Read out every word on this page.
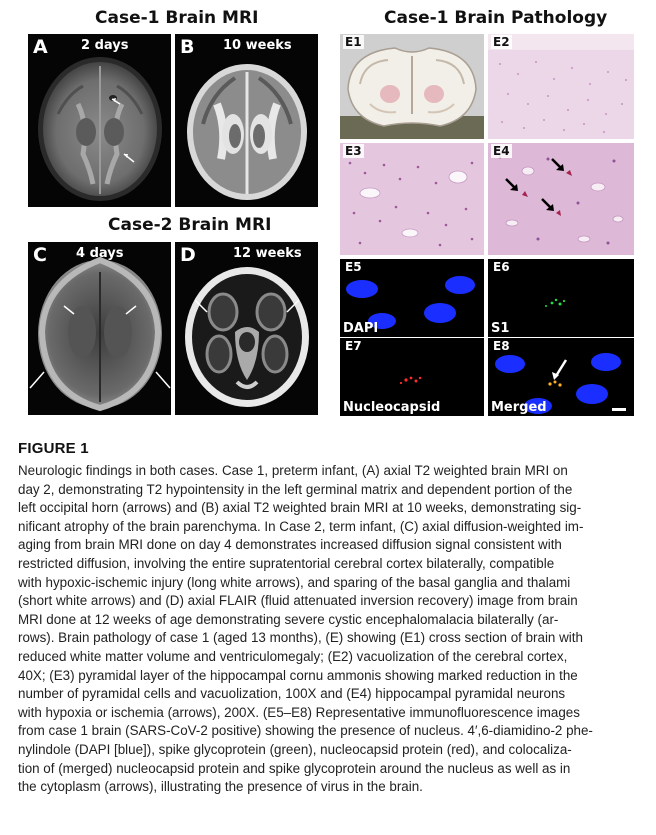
Case-1 Brain MRI	Case-1 Brain Pathology
Case-2 Brain MRI
A	2 days	B 10 weeks
C 4 days	D	12 weeks
E1	E2
E3	E4
E5
DAPI
E6
S1
E7
Nucleocapsid
E8
Merged
FIGURE 1
Neurologic findings in both cases. Case 1, preterm infant, (A) axial T2 weighted brain MRI on
day 2, demonstrating T2 hypointensity in the left germinal matrix and dependent portion of the
left occipital horn (arrows) and (B) axial T2 weighted brain MRI at 10 weeks, demonstrating sig-
nificant atrophy of the brain parenchyma. In Case 2, term infant, (C) axial diffusion-weighted im-
aging from brain MRI done on day 4 demonstrates increased diffusion signal consistent with
restricted diffusion, involving the entire supratentorial cerebral cortex bilaterally, compatible
with hypoxic-ischemic injury (long white arrows), and sparing of the basal ganglia and thalami
(short white arrows) and (D) axial FLAIR (fluid attenuated inversion recovery) image from brain
MRI done at 12 weeks of age demonstrating severe cystic encephalomalacia bilaterally (ar-
rows). Brain pathology of case 1 (aged 13 months), (E) showing (E1) cross section of brain with
reduced white matter volume and ventriculomegaly; (E2) vacuolization of the cerebral cortex,
40X; (E3) pyramidal layer of the hippocampal cornu ammonis showing marked reduction in the
number of pyramidal cells and vacuolization, 100X and (E4) hippocampal pyramidal neurons
with hypoxia or ischemia (arrows), 200X. (E5–E8) Representative immunofluorescence images
from case 1 brain (SARS-CoV-2 positive) showing the presence of nucleus. 4′,6-diamidino-2 phe-
nylindole (DAPI [blue]), spike glycoprotein (green), nucleocapsid protein (red), and colocaliza-
tion of (merged) nucleocapsid protein and spike glycoprotein around the nucleus as well as in
the cytoplasm (arrows), illustrating the presence of virus in the brain.
